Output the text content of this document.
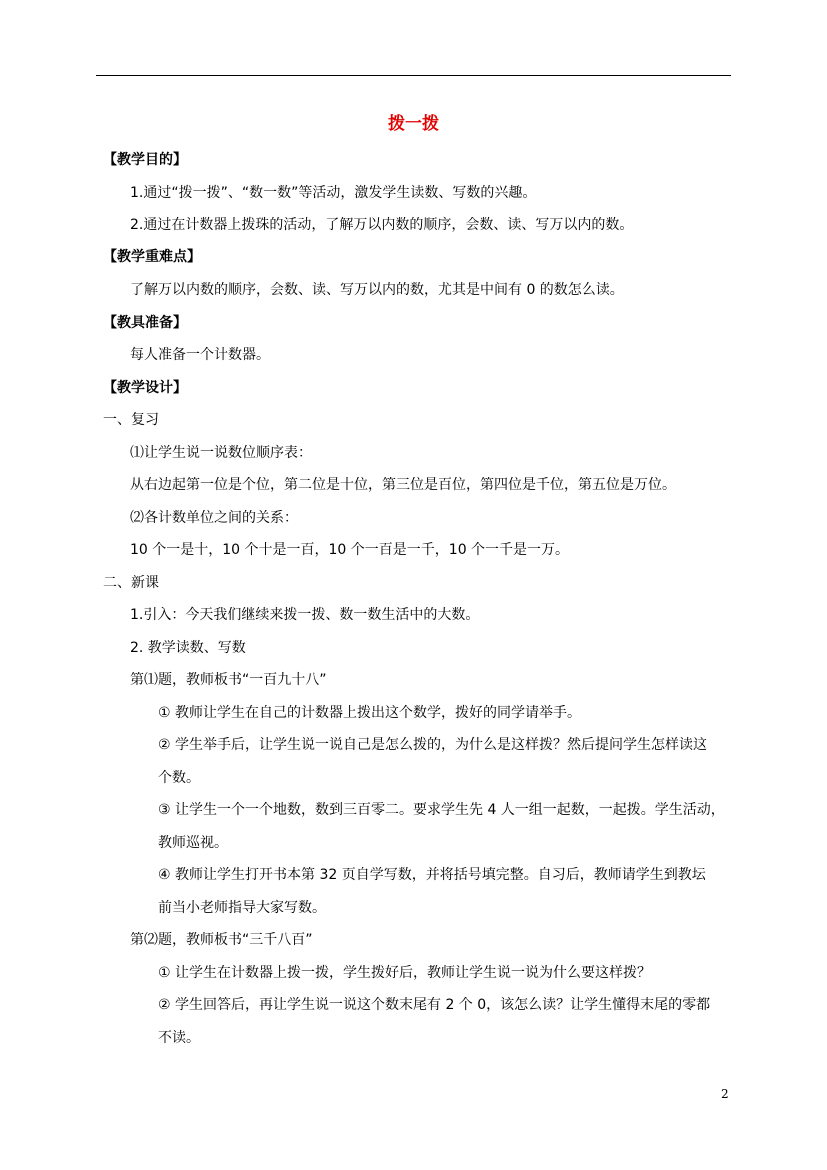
拨一拨
【教学目的】
1.通过“拨一拨”、“数一数”等活动，激发学生读数、写数的兴趣。
2.通过在计数器上拨珠的活动，了解万以内数的顺序，会数、读、写万以内的数。
【教学重难点】
了解万以内数的顺序，会数、读、写万以内的数，尤其是中间有 0 的数怎么读。
【教具准备】
每人准备一个计数器。
【教学设计】
一、复习
⑴让学生说一说数位顺序表：
从右边起第一位是个位，第二位是十位，第三位是百位，第四位是千位，第五位是万位。
⑵各计数单位之间的关系：
10 个一是十，10 个十是一百，10 个一百是一千，10 个一千是一万。
二、新课
1.引入：今天我们继续来拨一拨、数一数生活中的大数。
2. 教学读数、写数
第⑴题，教师板书“一百九十八”
① 教师让学生在自己的计数器上拨出这个数学，拨好的同学请举手。
② 学生举手后，让学生说一说自己是怎么拨的，为什么是这样拨？然后提问学生怎样读这
个数。
③ 让学生一个一个地数，数到三百零二。要求学生先 4 人一组一起数，一起拨。学生活动，
教师巡视。
④ 教师让学生打开书本第 32 页自学写数，并将括号填完整。自习后，教师请学生到教坛
前当小老师指导大家写数。
第⑵题，教师板书“三千八百”
① 让学生在计数器上拨一拨，学生拨好后，教师让学生说一说为什么要这样拨？
② 学生回答后，再让学生说一说这个数末尾有 2 个 0，该怎么读？让学生懂得末尾的零都
不读。
2
